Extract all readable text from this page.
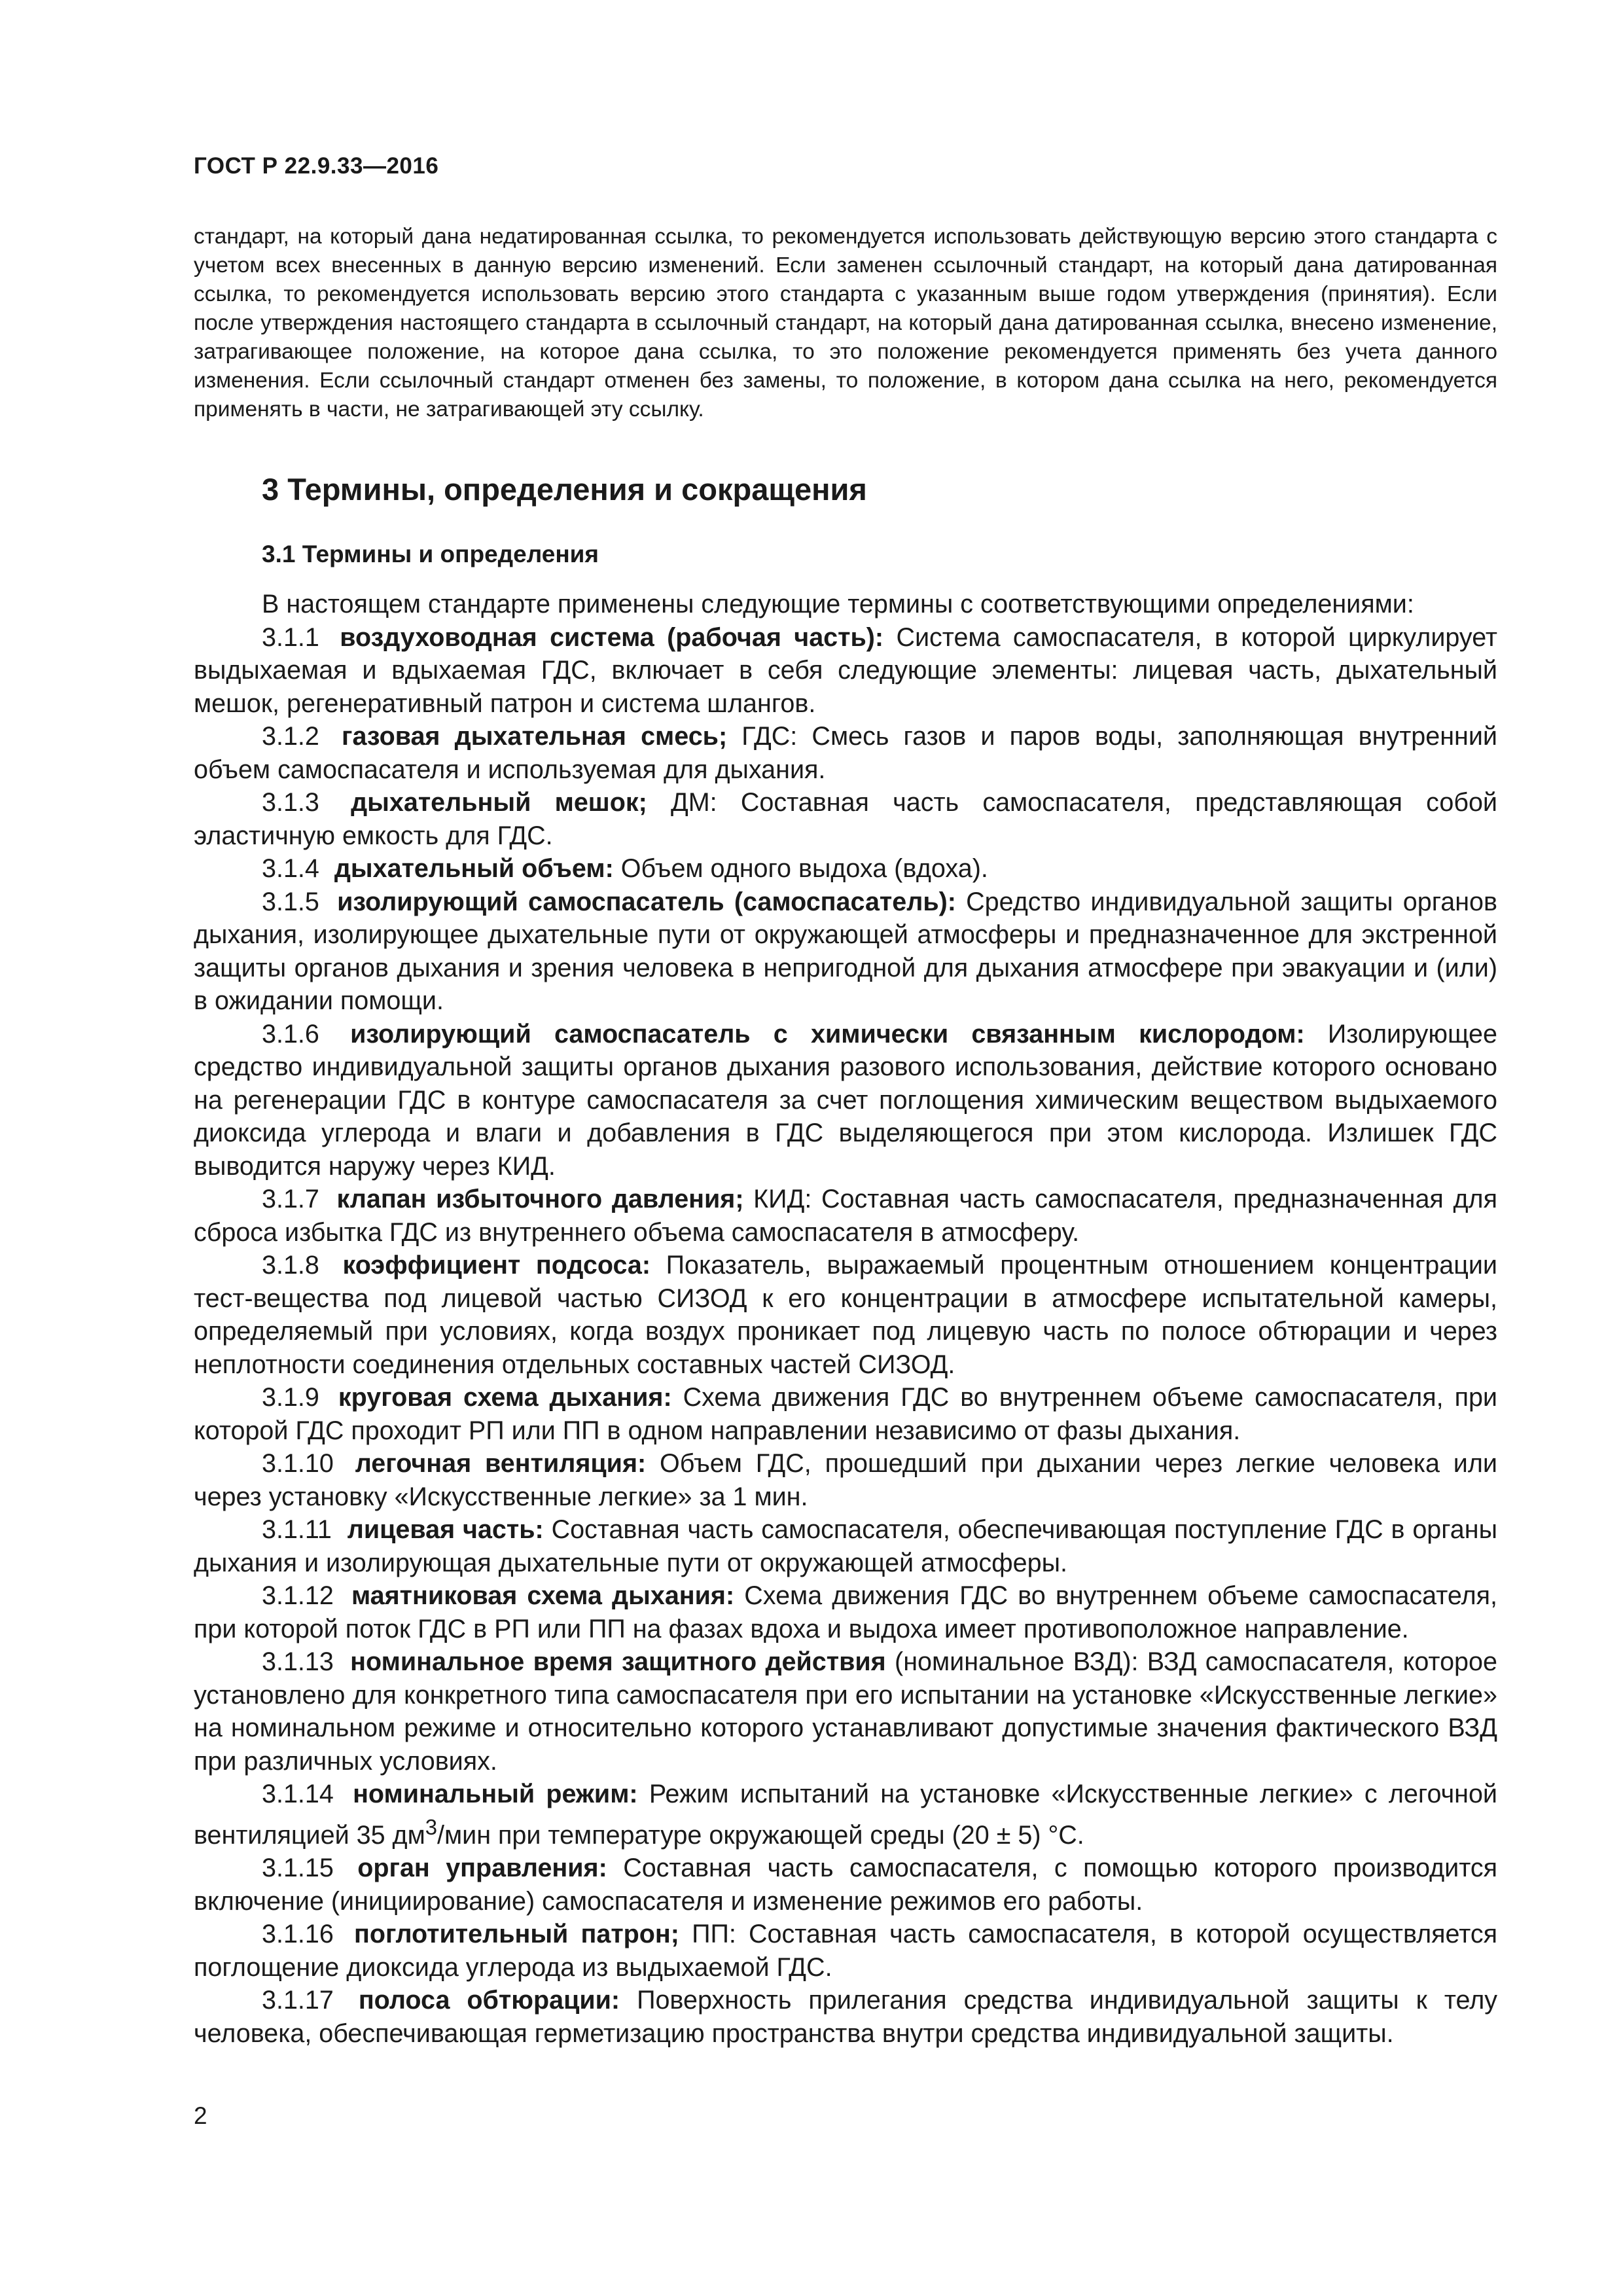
ГОСТ Р 22.9.33—2016
стандарт, на который дана недатированная ссылка, то рекомендуется использовать действующую версию этого стандарта с учетом всех внесенных в данную версию изменений. Если заменен ссылочный стандарт, на который дана датированная ссылка, то рекомендуется использовать версию этого стандарта с указанным выше годом утверждения (принятия). Если после утверждения настоящего стандарта в ссылочный стандарт, на который дана датированная ссылка, внесено изменение, затрагивающее положение, на которое дана ссылка, то это положение рекомендуется применять без учета данного изменения. Если ссылочный стандарт отменен без замены, то положение, в котором дана ссылка на него, рекомендуется применять в части, не затрагивающей эту ссылку.
3 Термины, определения и сокращения
3.1 Термины и определения

В настоящем стандарте применены следующие термины с соответствующими определениями:

3.1.1 воздуховодная система (рабочая часть): Система самоспасателя, в которой циркулирует выдыхаемая и вдыхаемая ГДС, включает в себя следующие элементы: лицевая часть, дыхательный мешок, регенеративный патрон и система шлангов.

3.1.2 газовая дыхательная смесь; ГДС: Смесь газов и паров воды, заполняющая внутренний объем самоспасателя и используемая для дыхания.

3.1.3 дыхательный мешок; ДМ: Составная часть самоспасателя, представляющая собой эластичную емкость для ГДС.

3.1.4 дыхательный объем: Объем одного выдоха (вдоха).

3.1.5 изолирующий самоспасатель (самоспасатель): Средство индивидуальной защиты органов дыхания, изолирующее дыхательные пути от окружающей атмосферы и предназначенное для экстренной защиты органов дыхания и зрения человека в непригодной для дыхания атмосфере при эвакуации и (или) в ожидании помощи.

3.1.6 изолирующий самоспасатель с химически связанным кислородом: Изолирующее средство индивидуальной защиты органов дыхания разового использования, действие которого основано на регенерации ГДС в контуре самоспасателя за счет поглощения химическим веществом выдыхаемого диоксида углерода и влаги и добавления в ГДС выделяющегося при этом кислорода. Излишек ГДС выводится наружу через КИД.

3.1.7 клапан избыточного давления; КИД: Составная часть самоспасателя, предназначенная для сброса избытка ГДС из внутреннего объема самоспасателя в атмосферу.

3.1.8 коэффициент подсоса: Показатель, выражаемый процентным отношением концентрации тест-вещества под лицевой частью СИЗОД к его концентрации в атмосфере испытательной камеры, определяемый при условиях, когда воздух проникает под лицевую часть по полосе обтюрации и через неплотности соединения отдельных составных частей СИЗОД.

3.1.9 круговая схема дыхания: Схема движения ГДС во внутреннем объеме самоспасателя, при которой ГДС проходит РП или ПП в одном направлении независимо от фазы дыхания.

3.1.10 легочная вентиляция: Объем ГДС, прошедший при дыхании через легкие человека или через установку «Искусственные легкие» за 1 мин.

3.1.11 лицевая часть: Составная часть самоспасателя, обеспечивающая поступление ГДС в органы дыхания и изолирующая дыхательные пути от окружающей атмосферы.

3.1.12 маятниковая схема дыхания: Схема движения ГДС во внутреннем объеме самоспасателя, при которой поток ГДС в РП или ПП на фазах вдоха и выдоха имеет противоположное направление.

3.1.13 номинальное время защитного действия (номинальное ВЗД): ВЗД самоспасателя, которое установлено для конкретного типа самоспасателя при его испытании на установке «Искусственные легкие» на номинальном режиме и относительно которого устанавливают допустимые значения фактического ВЗД при различных условиях.

3.1.14 номинальный режим: Режим испытаний на установке «Искусственные легкие» с легочной вентиляцией 35 $дм^3$/мин при температуре окружающей среды (20 ± 5) °С.

3.1.15 орган управления: Составная часть самоспасателя, с помощью которого производится включение (инициирование) самоспасателя и изменение режимов его работы.

3.1.16 поглотительный патрон; ПП: Составная часть самоспасателя, в которой осуществляется поглощение диоксида углерода из выдыхаемой ГДС.

3.1.17 полоса обтюрации: Поверхность прилегания средства индивидуальной защиты к телу человека, обеспечивающая герметизацию пространства внутри средства индивидуальной защиты.

2
